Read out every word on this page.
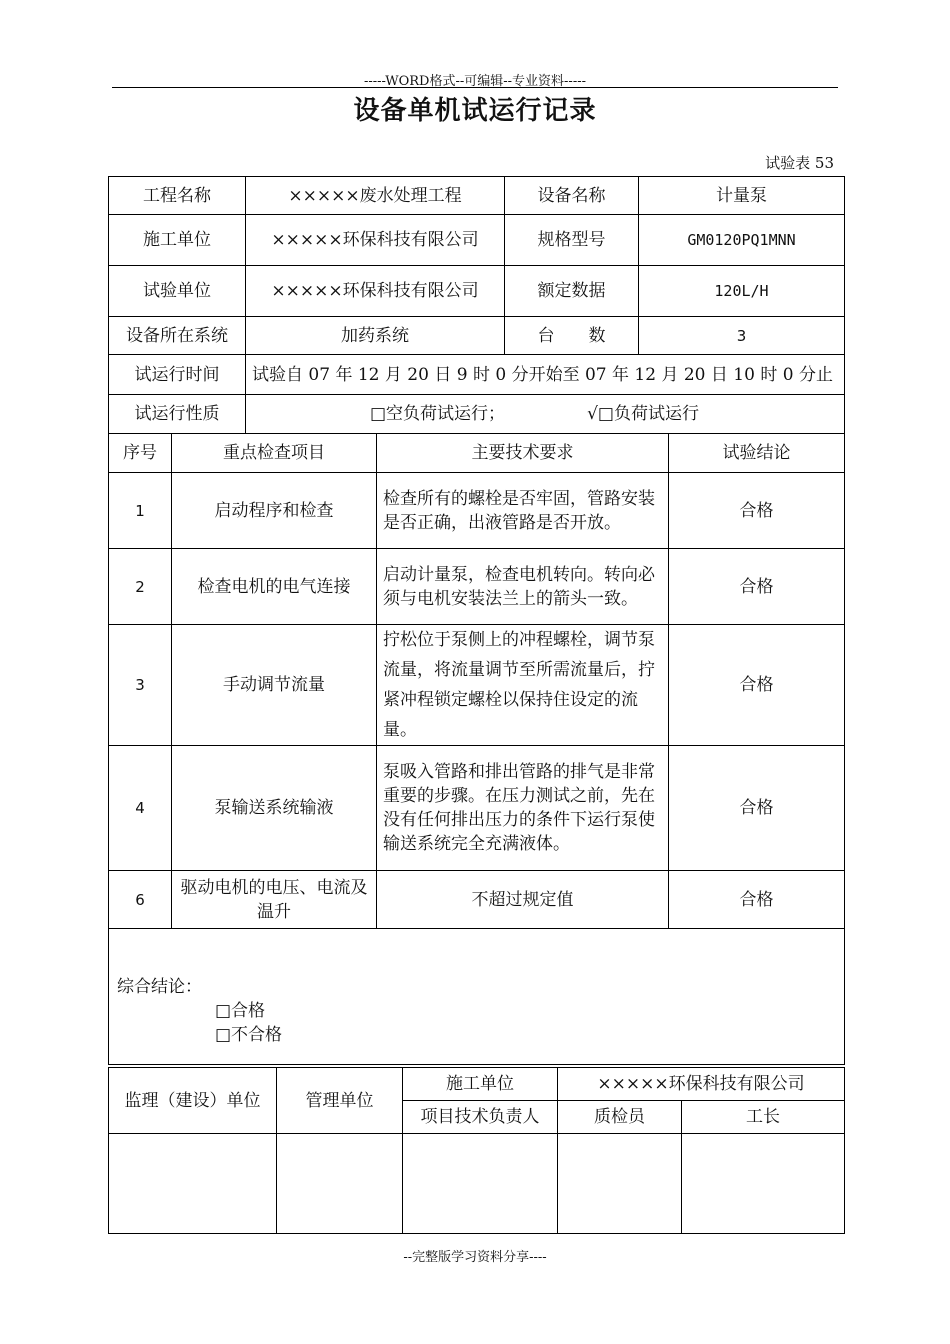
-----WORD格式--可编辑--专业资料-----
设备单机试运行记录
试验表 53
工程名称	×××××废水处理工程	设备名称	计量泵
施工单位	×××××环保科技有限公司	规格型号	GM0120PQ1MNN
试验单位	×××××环保科技有限公司	额定数据	120L/H
设备所在系统	加药系统	台　　数	3
试运行时间	试验自 07 年 12 月 20 日 9 时 0 分开始至 07 年 12 月 20 日 10 时 0 分止		
试运行性质	□空负荷试运行； √□负荷试运行		
序号	重点检查项目	主要技术要求	试验结论
1	启动程序和检查	检查所有的螺栓是否牢固，管路安装是否正确，出液管路是否开放。	合格
2	检查电机的电气连接	启动计量泵，检查电机转向。转向必须与电机安装法兰上的箭头一致。	合格
3	手动调节流量	拧松位于泵侧上的冲程螺栓，调节泵流量，将流量调节至所需流量后，拧紧冲程锁定螺栓以保持住设定的流量。	合格
4	泵输送系统输液	泵吸入管路和排出管路的排气是非常重要的步骤。在压力测试之前，先在没有任何排出压力的条件下运行泵使输送系统完全充满液体。	合格
6	驱动电机的电压、电流及温升	不超过规定值	合格

综合结论：
□合格
□不合格			
监理（建设）单位	管理单位	施工单位	×××××环保科技有限公司	
		项目技术负责人	质检员	工长

--完整版学习资料分享----
